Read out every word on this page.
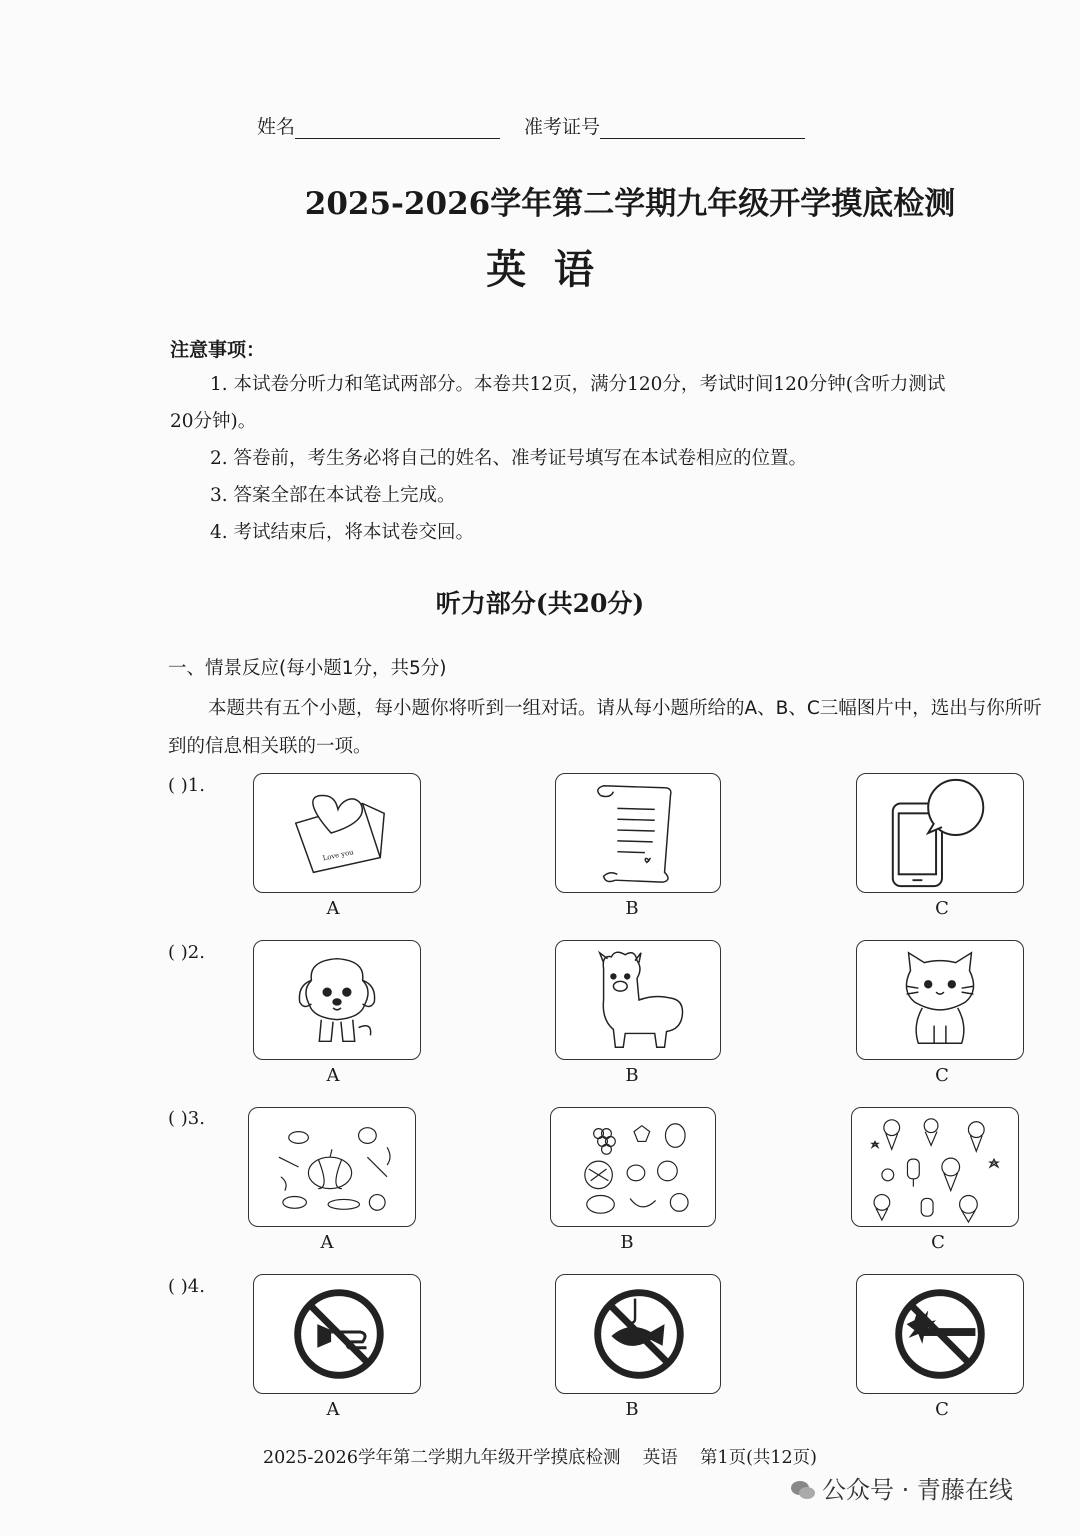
姓名	准考证号
2025-2026学年第二学期九年级开学摸底检测
英  语
注意事项：
1. 本试卷分听力和笔试两部分。本卷共12页，满分120分，考试时间120分钟(含听力测试
20分钟)。
2. 答卷前，考生务必将自己的姓名、准考证号填写在本试卷相应的位置。
3. 答案全部在本试卷上完成。
4. 考试结束后，将本试卷交回。
听力部分(共20分)
一、情景反应(每小题1分，共5分)
本题共有五个小题，每小题你将听到一组对话。请从每小题所给的A、B、C三幅图片中，选出与你所听到的信息相关联的一项。
( )1.
Love you
A	B	C
( )2.
A	B	C
( )3.
A	B	C
( )4.
A	B	C
2025-2026学年第二学期九年级开学摸底检测    英语    第1页(共12页)
公众号 · 青藤在线
